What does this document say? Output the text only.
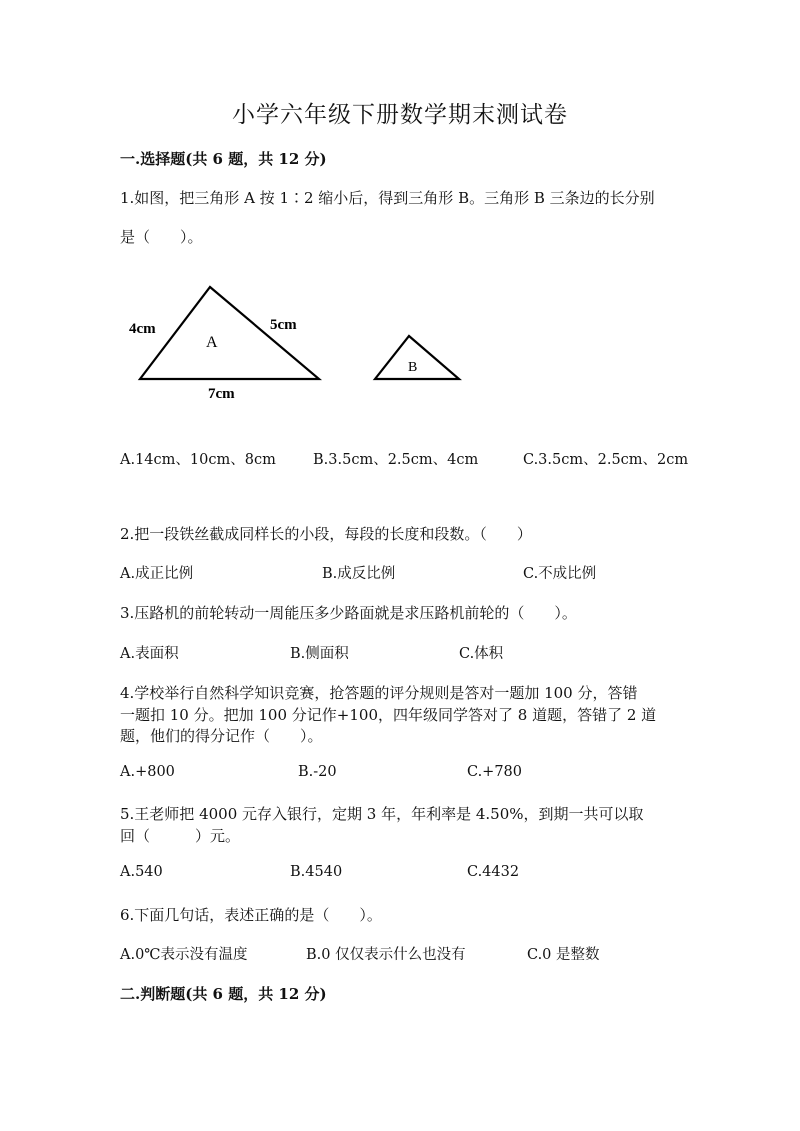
小学六年级下册数学期末测试卷
一.选择题(共 6 题，共 12 分)
1.如图，把三角形 A 按 1∶2 缩小后，得到三角形 B。三角形 B 三条边的长分别
是（　　）。
A
4cm	5cm
7cm
B
A.14cm、10cm、8cm	B.3.5cm、2.5cm、4cm	C.3.5cm、2.5cm、2cm
2.把一段铁丝截成同样长的小段，每段的长度和段数。（　　）
A.成正比例	B.成反比例	C.不成比例
3.压路机的前轮转动一周能压多少路面就是求压路机前轮的（　　）。
A.表面积	B.侧面积	C.体积
4.学校举行自然科学知识竞赛，抢答题的评分规则是答对一题加 100 分，答错
一题扣 10 分。把加 100 分记作+100，四年级同学答对了 8 道题，答错了 2 道
题，他们的得分记作（　　）。
A.+800	B.-20	C.+780
5.王老师把 4000 元存入银行，定期 3 年，年利率是 4.50%，到期一共可以取
回（　　　）元。
A.540	B.4540	C.4432
6.下面几句话，表述正确的是（　　）。
A.0℃表示没有温度	B.0 仅仅表示什么也没有	C.0 是整数
二.判断题(共 6 题，共 12 分)
